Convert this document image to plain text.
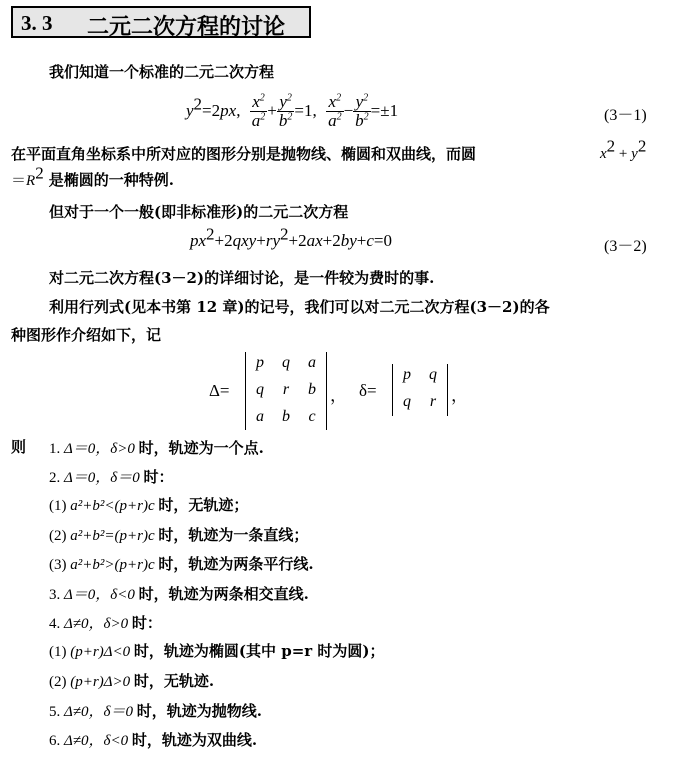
3. 3 二元二次方程的讨论
我们知道一个标准的二元二次方程
$y^2=2px$, $\frac{x^2}{a^2} + \frac{y^2}{b^2} =1$, $\frac{x^2}{a^2} - \frac{y^2}{b^2} =\pm 1$	(3－1)
在平面直角坐标系中所对应的图形分别是抛物线、椭圆和双曲线，而圆	$x^2 + y^2$
$=R^2$ 是椭圆的一种特例.
但对于一个一般(即非标准形)的二元二次方程
$px^2+2qxy+ry^2+2ax+2by+c=0$	(3－2)
对二元二次方程(3－2)的详细讨论，是一件较为费时的事.
利用行列式(见本书第 12 章)的记号，我们可以对二元二次方程(3－2)的各
种图形作介绍如下，记
Δ=
p	q	a
q	r	b
a	b	c
， δ=
p	q
q	r ，
则 1. Δ＝0，δ>0 时，轨迹为一个点.
2. Δ＝0，δ＝0 时：
(1) a²+b²<(p+r)c 时，无轨迹；
(2) a²+b²=(p+r)c 时，轨迹为一条直线；
(3) a²+b²>(p+r)c 时，轨迹为两条平行线.
3. Δ＝0，δ<0 时，轨迹为两条相交直线.
4. Δ≠0，δ>0 时：
(1) (p+r)Δ<0 时，轨迹为椭圆(其中 p=r 时为圆)；
(2) (p+r)Δ>0 时，无轨迹.
5. Δ≠0，δ＝0 时，轨迹为抛物线.
6. Δ≠0，δ<0 时，轨迹为双曲线.
